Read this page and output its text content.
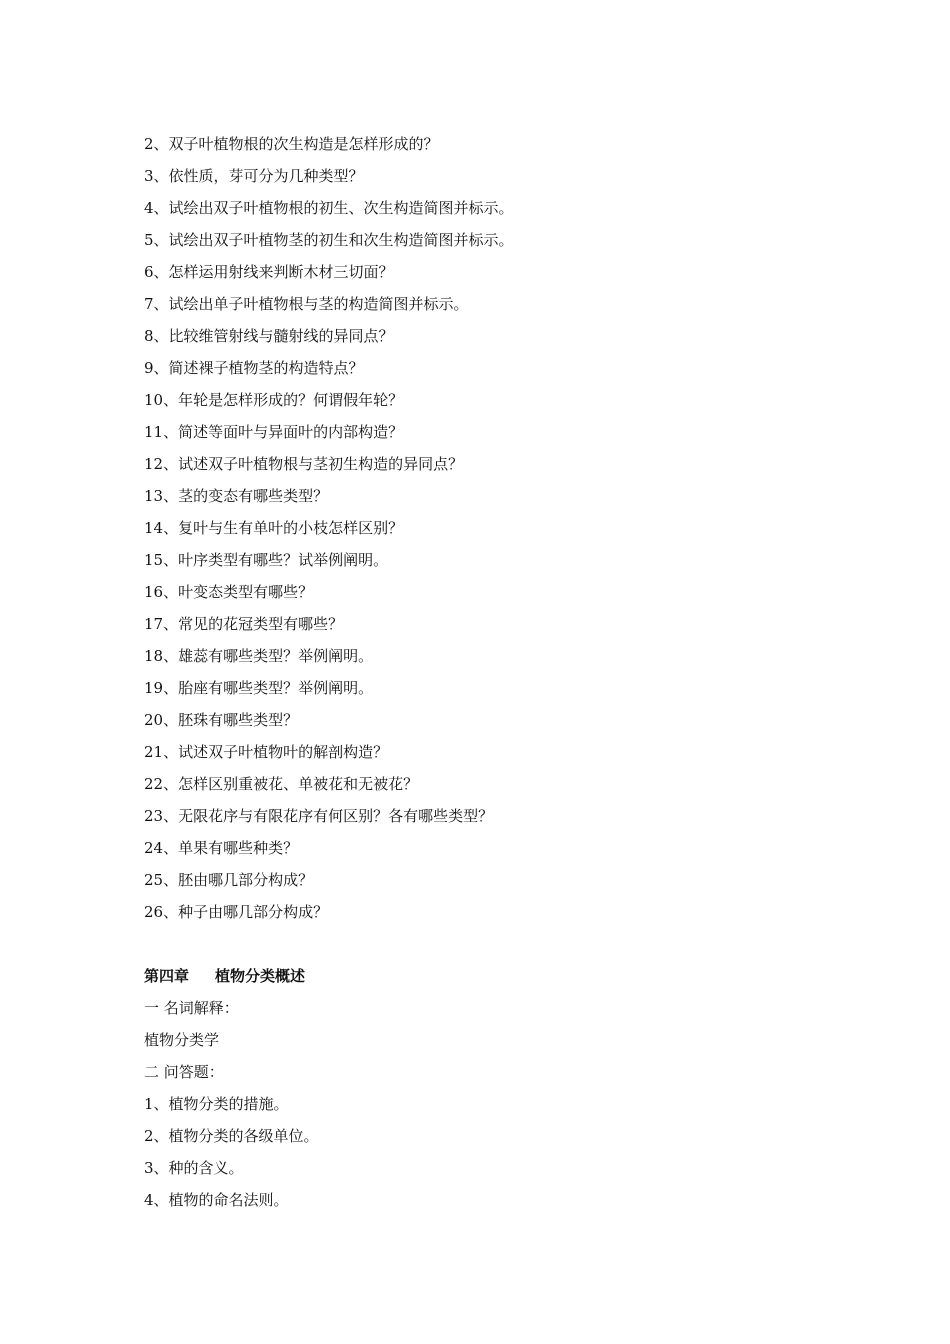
2、双子叶植物根的次生构造是怎样形成的？
3、依性质，芽可分为几种类型？
4、试绘出双子叶植物根的初生、次生构造简图并标示。
5、试绘出双子叶植物茎的初生和次生构造简图并标示。
6、怎样运用射线来判断木材三切面？
7、试绘出单子叶植物根与茎的构造简图并标示。
8、比较维管射线与髓射线的异同点？
9、简述裸子植物茎的构造特点？
10、年轮是怎样形成的？何谓假年轮？
11、简述等面叶与异面叶的内部构造？
12、试述双子叶植物根与茎初生构造的异同点？
13、茎的变态有哪些类型？
14、复叶与生有单叶的小枝怎样区别？
15、叶序类型有哪些？试举例阐明。
16、叶变态类型有哪些？
17、常见的花冠类型有哪些？
18、雄蕊有哪些类型？举例阐明。
19、胎座有哪些类型？举例阐明。
20、胚珠有哪些类型？
21、试述双子叶植物叶的解剖构造？
22、怎样区别重被花、单被花和无被花？
23、无限花序与有限花序有何区别？各有哪些类型？
24、单果有哪些种类？
25、胚由哪几部分构成？
26、种子由哪几部分构成？
第四章 植物分类概述
一 名词解释：
植物分类学
二 问答题：
1、植物分类的措施。
2、植物分类的各级单位。
3、种的含义。
4、植物的命名法则。
